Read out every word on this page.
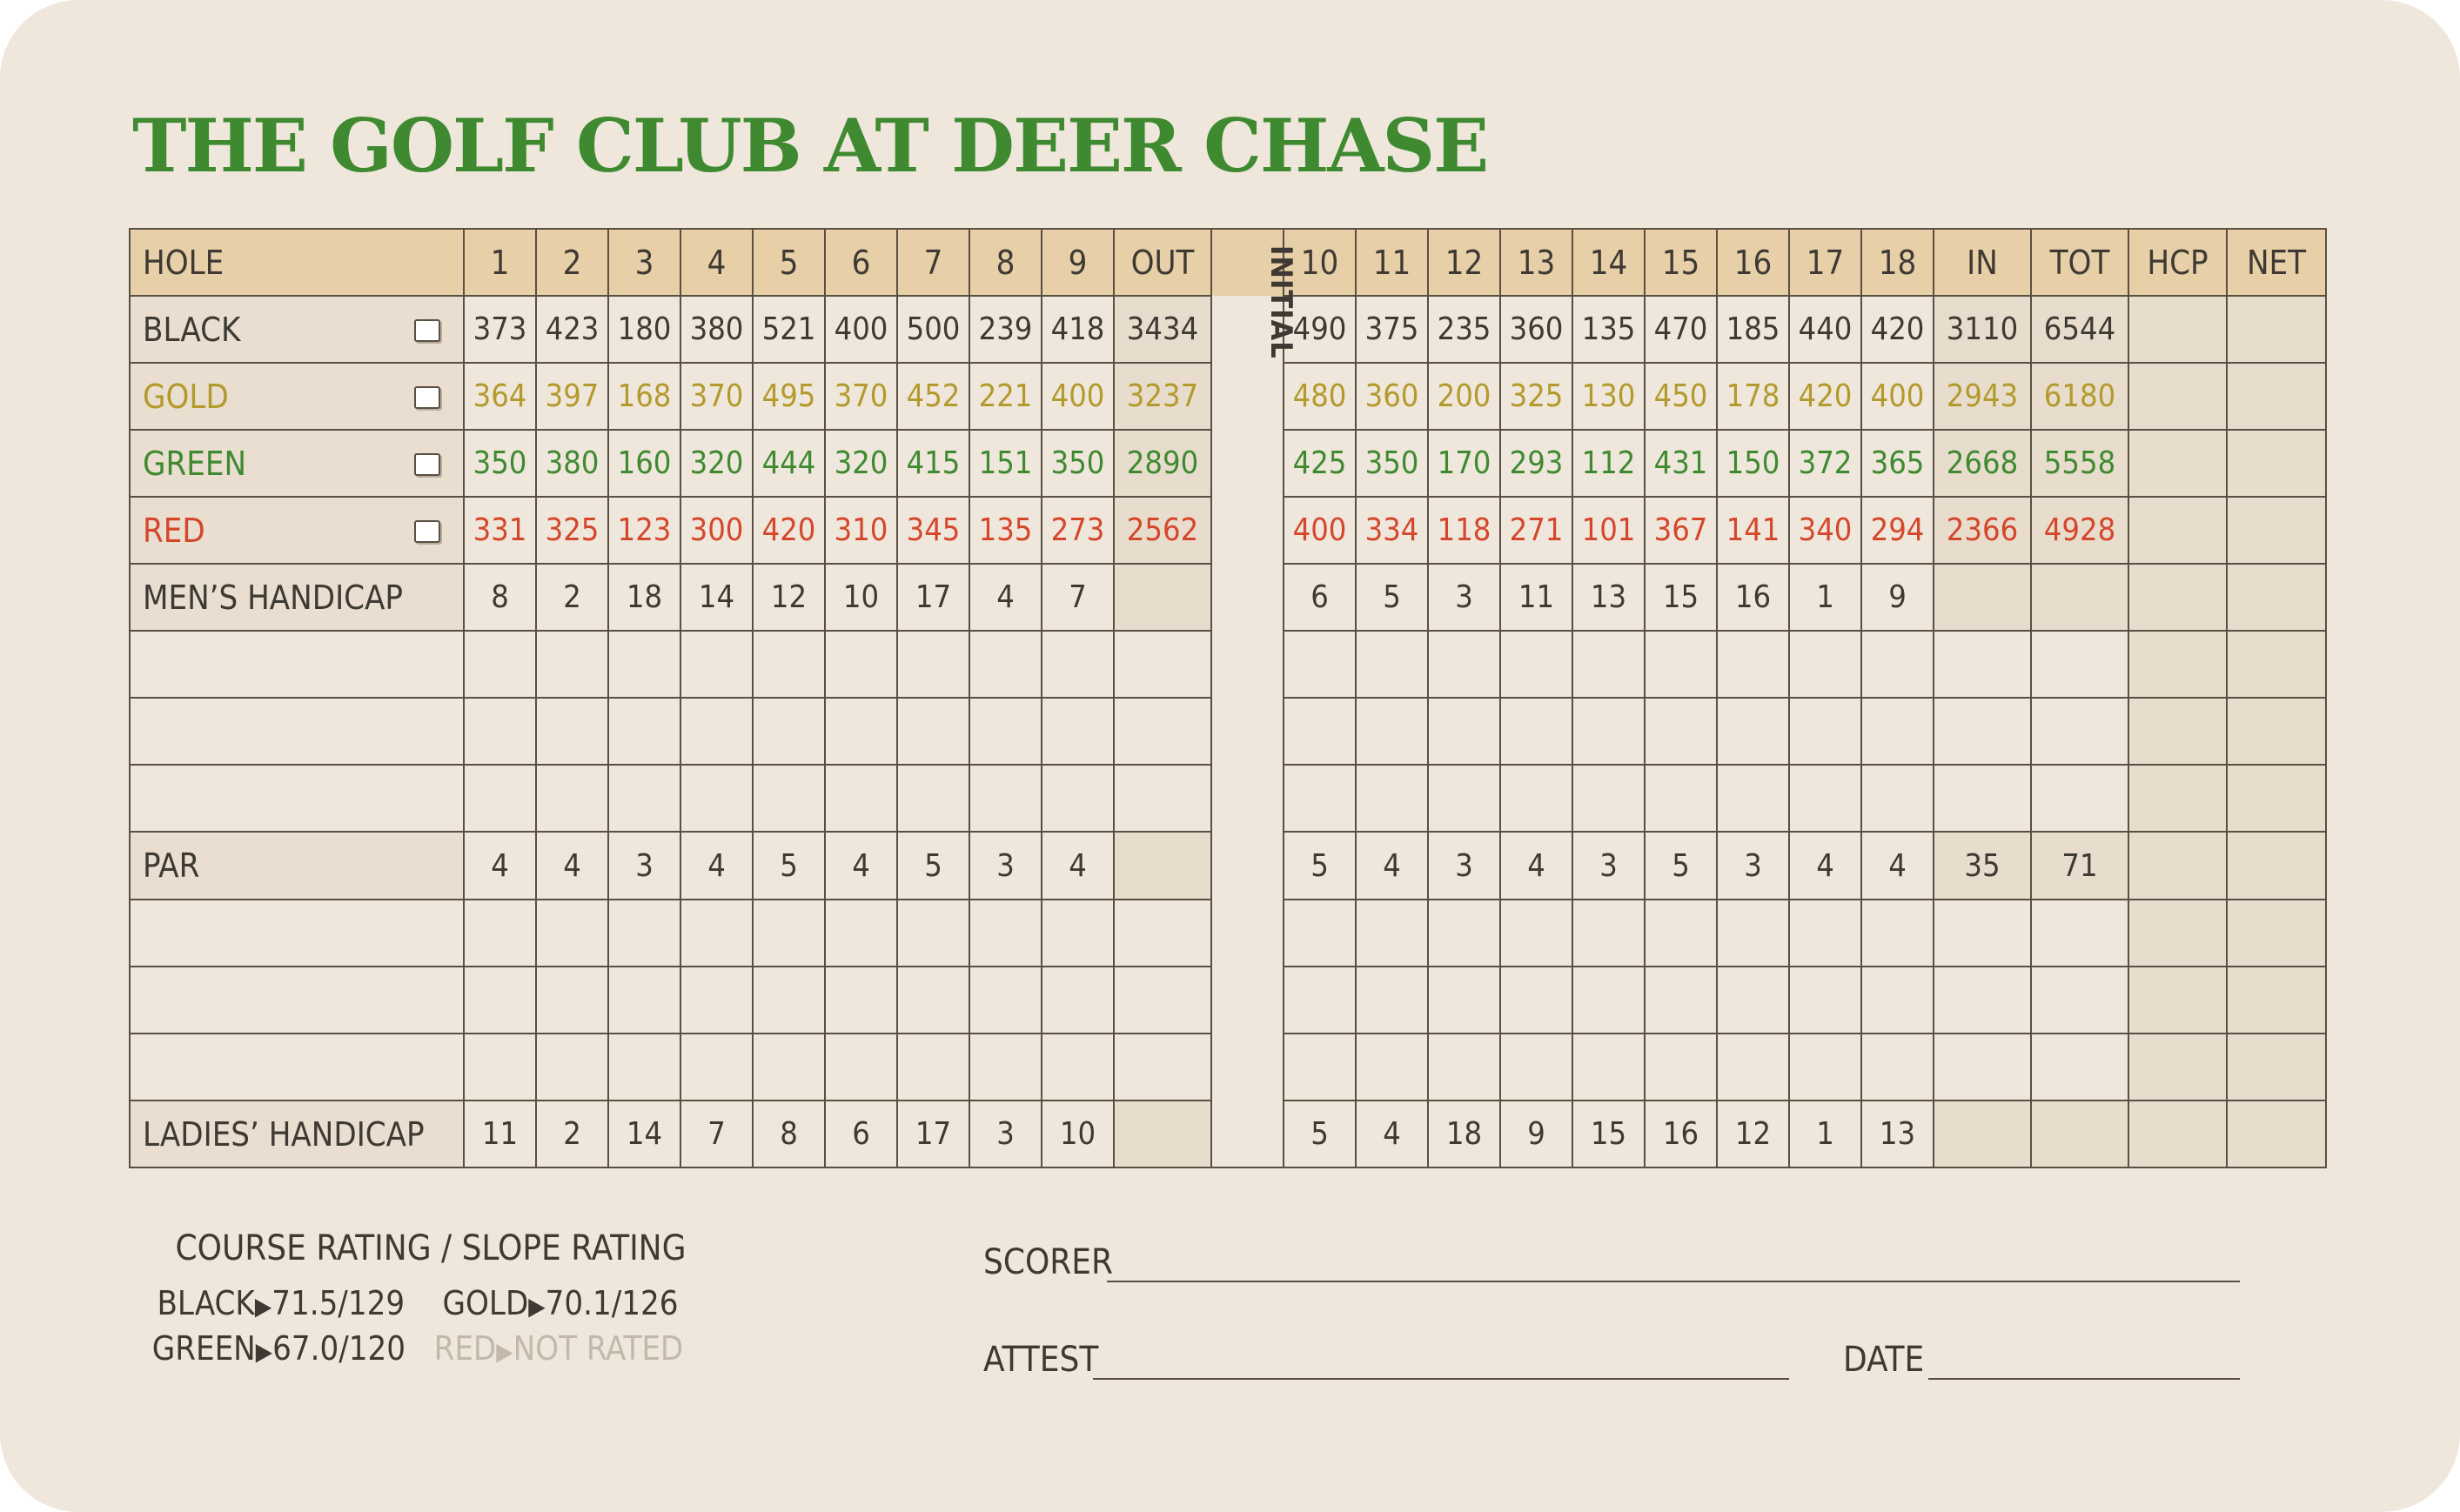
THE GOLF CLUB AT DEER CHASE
HOLE	1	2	3	4	5	6	7	8	9	OUT		10	11	12	13	14	15	16	17	18	IN	TOT	HCP	NET
BLACK	373	423	180	380	521	400	500	239	418	3434		490	375	235	360	135	470	185	440	420	3110	6544		
GOLD	364	397	168	370	495	370	452	221	400	3237		480	360	200	325	130	450	178	420	400	2943	6180		
GREEN	350	380	160	320	444	320	415	151	350	2890		425	350	170	293	112	431	150	372	365	2668	5558		
RED	331	325	123	300	420	310	345	135	273	2562		400	334	118	271	101	367	141	340	294	2366	4928		
MEN’S HANDICAP	8	2	18	14	12	10	17	4	7			6	5	3	11	13	15	16	1	9				

PAR	4	4	3	4	5	4	5	3	4			5	4	3	4	3	5	3	4	4	35	71		

LADIES’ HANDICAP	11	2	14	7	8	6	17	3	10			5	4	18	9	15	16	12	1	13				
INITIAL
COURSE RATING / SLOPE RATING
BLACK▶71.5/129 GOLD▶70.1/126
GREEN▶67.0/120 RED▶NOT RATED
SCORER
ATTEST	DATE
